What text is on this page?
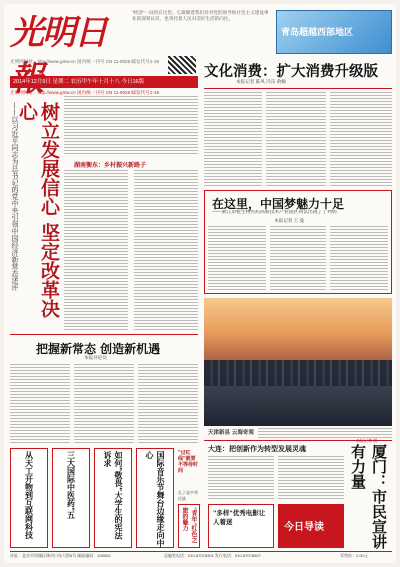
光明日
光明网网址：http://www.gmw.cn 国内统一刊号 CN 11-0026 邮发代号1-16
2014年12月9日 星期二 农历甲午年十月十八 今日16版
光明网网址：http://www.gmw.cn 国内统一刊号 CN 11-0026 邮发代号1-16
"经济"一词用在这里。它凝聚着我们对对党的领导和社会主义建设事业的深刻认识，也寄托着人民对美好生活的向往。
青岛超越西部地区
文化消费：扩大消费升级版
本报记者 陈凤 冯乐 俞楠
树立发展信心 坚定改革决心
——以习近平同志为总书记的党中央引领中国经济新常态述评	湖南衡东：乡村振兴新路子
在这里，中国梦魅力十足
——浙江余杭生物医药高新技术产业园区何以出现了丁判明
本报记者 王 曼
天津新县 云海奇观
把握新常态 创造新机遇
本报评论员
大连：把创新作为转型发展灵魂	厦门：市民宣讲有力量
从天工开物到互联网科技	三大国际中医药"五	如何"敬畏"大学生的宪法诉求	国际音乐节舞台边缘走向中心
"青年"红色之旅的魅力	"多样"优秀电影让人着迷	今日导读
"过红线"就要不等待时间
孔子是中华民族
社址：北京市西城区珠市口东大街5号 邮政编码：100062	总编室电话：010-67078301 发行电话：010-67078007	零售价：2.00元
